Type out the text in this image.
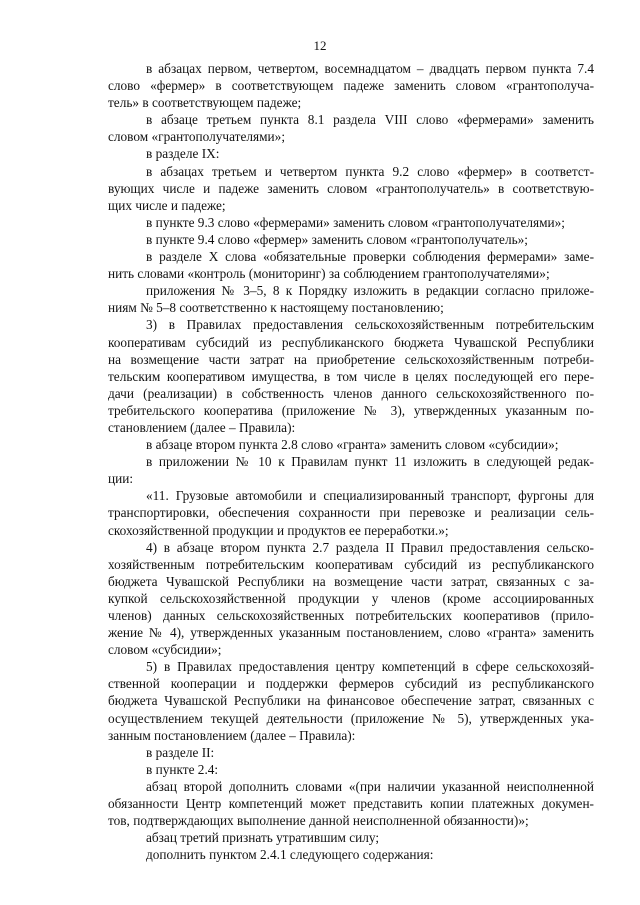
12
в абзацах первом, четвертом, восемнадцатом – двадцать первом пункта 7.4
слово «фермер» в соответствующем падеже заменить словом «грантополуча-
тель» в соответствующем падеже;
в абзаце третьем пункта 8.1 раздела VIII слово «фермерами» заменить
словом «грантополучателями»;
в разделе IX:
в абзацах третьем и четвертом пункта 9.2 слово «фермер» в соответст-
вующих числе и падеже заменить словом «грантополучатель» в соответствую-
щих числе и падеже;
в пункте 9.3 слово «фермерами» заменить словом «грантополучателями»;
в пункте 9.4 слово «фермер» заменить словом «грантополучатель»;
в разделе X слова «обязательные проверки соблюдения фермерами» заме-
нить словами «контроль (мониторинг) за соблюдением грантополучателями»;
приложения № 3–5, 8 к Порядку изложить в редакции согласно приложе-
ниям № 5–8 соответственно к настоящему постановлению;
3) в Правилах предоставления сельскохозяйственным потребительским
кооперативам субсидий из республиканского бюджета Чувашской Республики
на возмещение части затрат на приобретение сельскохозяйственным потреби-
тельским кооперативом имущества, в том числе в целях последующей его пере-
дачи (реализации) в собственность членов данного сельскохозяйственного по-
требительского кооператива (приложение № 3), утвержденных указанным по-
становлением (далее – Правила):
в абзаце втором пункта 2.8 слово «гранта» заменить словом «субсидии»;
в приложении № 10 к Правилам пункт 11 изложить в следующей редак-
ции:
«11. Грузовые автомобили и специализированный транспорт, фургоны для
транспортировки, обеспечения сохранности при перевозке и реализации сель-
скохозяйственной продукции и продуктов ее переработки.»;
4) в абзаце втором пункта 2.7 раздела II Правил предоставления сельско-
хозяйственным потребительским кооперативам субсидий из республиканского
бюджета Чувашской Республики на возмещение части затрат, связанных с за-
купкой сельскохозяйственной продукции у членов (кроме ассоциированных
членов) данных сельскохозяйственных потребительских кооперативов (прило-
жение № 4), утвержденных указанным постановлением, слово «гранта» заменить
словом «субсидии»;
5) в Правилах предоставления центру компетенций в сфере сельскохозяй-
ственной кооперации и поддержки фермеров субсидий из республиканского
бюджета Чувашской Республики на финансовое обеспечение затрат, связанных с
осуществлением текущей деятельности (приложение № 5), утвержденных ука-
занным постановлением (далее – Правила):
в разделе II:
в пункте 2.4:
абзац второй дополнить словами «(при наличии указанной неисполненной
обязанности Центр компетенций может представить копии платежных докумен-
тов, подтверждающих выполнение данной неисполненной обязанности)»;
абзац третий признать утратившим силу;
дополнить пунктом 2.4.1 следующего содержания:
